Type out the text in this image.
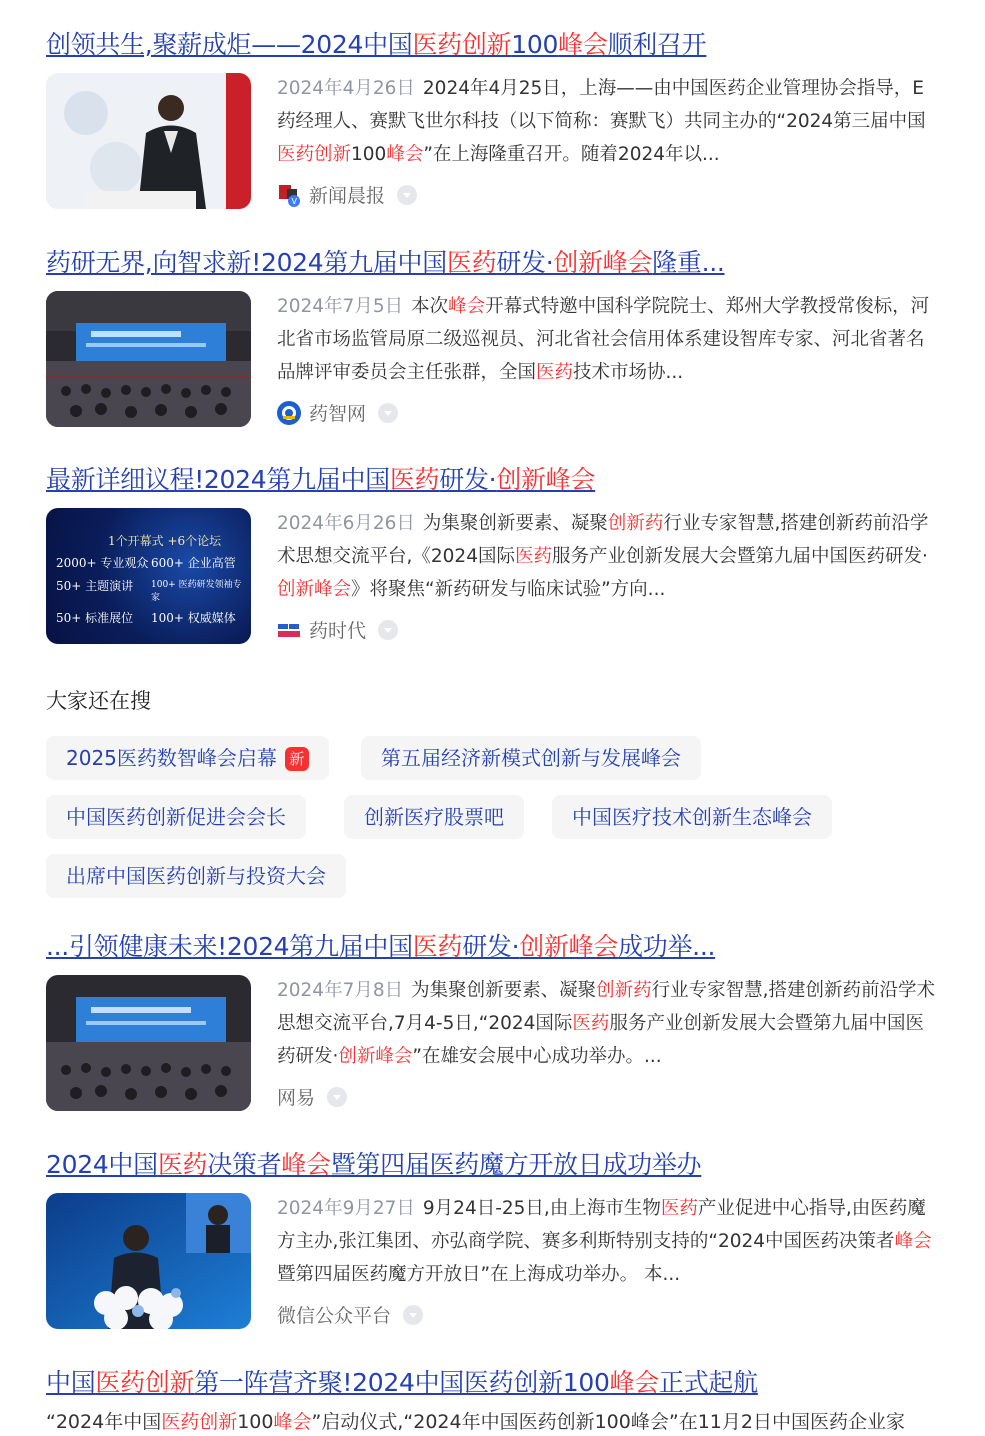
创领共生,聚薪成炬——2024中国医药创新100峰会顺利召开
2024年4月26日 2024年4月25日，上海——由中国医药企业管理协会指导，E药经理人、赛默飞世尔科技（以下简称：赛默飞）共同主办的“2024第三届中国医药创新100峰会”在上海隆重召开。随着2024年以...
V 新闻晨报
药研无界,向智求新!2024第九届中国医药研发·创新峰会隆重...
2024年7月5日 本次峰会开幕式特邀中国科学院院士、郑州大学教授常俊标，河北省市场监管局原二级巡视员、河北省社会信用体系建设智库专家、河北省著名品牌评审委员会主任张群，全国医药技术市场协...
药智网
最新详细议程!2024第九届中国医药研发·创新峰会
1个开幕式 +6个论坛
2000+ 专业观众 600+ 企业高管
50+ 主题演讲	100+ 医药研发领袖专家
50+ 标准展位	100+ 权威媒体
2024年6月26日 为集聚创新要素、凝聚创新药行业专家智慧,搭建创新药前沿学术思想交流平台,《2024国际医药服务产业创新发展大会暨第九届中国医药研发·创新峰会》将聚焦“新药研发与临床试验”方向...
药时代
大家还在搜
2025医药数智峰会启幕 新	第五届经济新模式创新与发展峰会
中国医药创新促进会会长	创新医疗股票吧	中国医疗技术创新生态峰会
出席中国医药创新与投资大会
...引领健康未来!2024第九届中国医药研发·创新峰会成功举...
2024年7月8日 为集聚创新要素、凝聚创新药行业专家智慧,搭建创新药前沿学术思想交流平台,7月4-5日,“2024国际医药服务产业创新发展大会暨第九届中国医药研发·创新峰会”在雄安会展中心成功举办。...
网易
2024中国医药决策者峰会暨第四届医药魔方开放日成功举办
2024年9月27日 9月24日-25日,由上海市生物医药产业促进中心指导,由医药魔方主办,张江集团、亦弘商学院、赛多利斯特别支持的“2024中国医药决策者峰会暨第四届医药魔方开放日”在上海成功举办。 本...
微信公众平台
中国医药创新第一阵营齐聚!2024中国医药创新100峰会正式起航
“2024年中国医药创新100峰会”启动仪式,“2024年中国医药创新100峰会”在11月2日中国医药企业家
